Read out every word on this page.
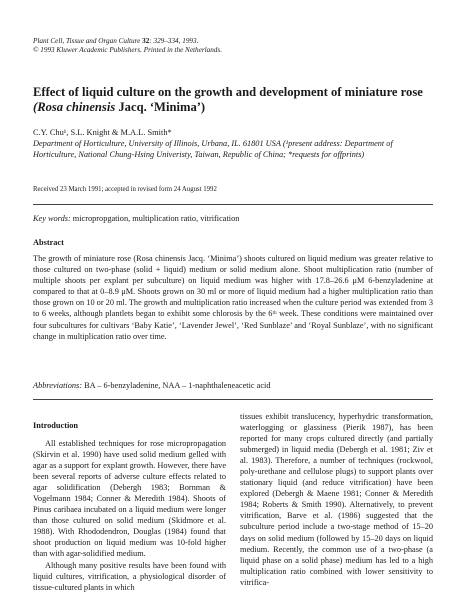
Plant Cell, Tissue and Organ Culture 32: 329–334, 1993.
© 1993 Kluwer Academic Publishers. Printed in the Netherlands.
Effect of liquid culture on the growth and development of miniature rose
(Rosa chinensis Jacq. ‘Minima’)
C.Y. Chu¹, S.L. Knight & M.A.L. Smith*
Department of Horticulture, University of Illinois, Urbana, IL. 61801 USA (¹present address: Department of Horticulture, National Chung-Hsing Univeristy, Taiwan, Republic of China; *requests for offprints)
Received 23 March 1991; accepted in revised form 24 August 1992
Key words: micropropgation, multiplication ratio, vitrification
Abstract
The growth of miniature rose (Rosa chinensis Jacq. ‘Minima’) shoots cultured on liquid medium was greater relative to those cultured on two-phase (solid + liquid) medium or solid medium alone. Shoot multiplication ratio (number of multiple shoots per explant per subculture) on liquid medium was higher with 17.8–26.6 μM 6-benzyladenine at compared to that at 0–8.9 μM. Shoots grown on 30 ml or more of liquid medium had a higher multiplication ratio than those grown on 10 or 20 ml. The growth and multiplication ratio increased when the culture period was extended from 3 to 6 weeks, although plantlets began to exhibit some chlorosis by the 6ᵗʰ week. These conditions were maintained over four subcultures for cultivars ‘Baby Katie’, ‘Lavender Jewel’, ‘Red Sunblaze’ and ‘Royal Sunblaze’, with no significant change in multiplication ratio over time.
Abbreviations: BA – 6-benzyladenine, NAA – 1-naphthaleneacetic acid
Introduction

All established techniques for rose micropropagation (Skirvin et al. 1990) have used solid medium gelled with agar as a support for explant growth. However, there have been several reports of adverse culture effects related to agar solidification (Debergh 1983; Bornman & Vogelmann 1984; Conner & Meredith 1984). Shoots of Pinus caribaea incubated on a liquid medium were longer than those cultured on solid medium (Skidmore et al. 1988). With Rhododendron, Douglas (1984) found that shoot production on liquid medium was 10-fold higher than with agar-solidified medium.

Although many positive results have been found with liquid cultures, vitrification, a physiological disorder of tissue-cultured plants in which

tissues exhibit translucency, hyperhydric transformation, waterlogging or glassiness (Pierik 1987), has been reported for many crops cultured directly (and partially submerged) in liquid media (Debergh et al. 1981; Ziv et al. 1983). Therefore, a number of techniques (rockwool, poly-urethane and cellulose plugs) to support plants over stationary liquid (and reduce vitrification) have been explored (Debergh & Maene 1981; Conner & Meredith 1984; Roberts & Smith 1990). Alternatively, to prevent vitrification, Barve et al. (1986) suggested that the subculture period include a two-stage method of 15–20 days on solid medium (followed by 15–20 days on liquid medium. Recently, the common use of a two-phase (a liquid phase on a solid phase) medium has led to a high multiplication ratio combined with lower sensitivity to vitrifica-
